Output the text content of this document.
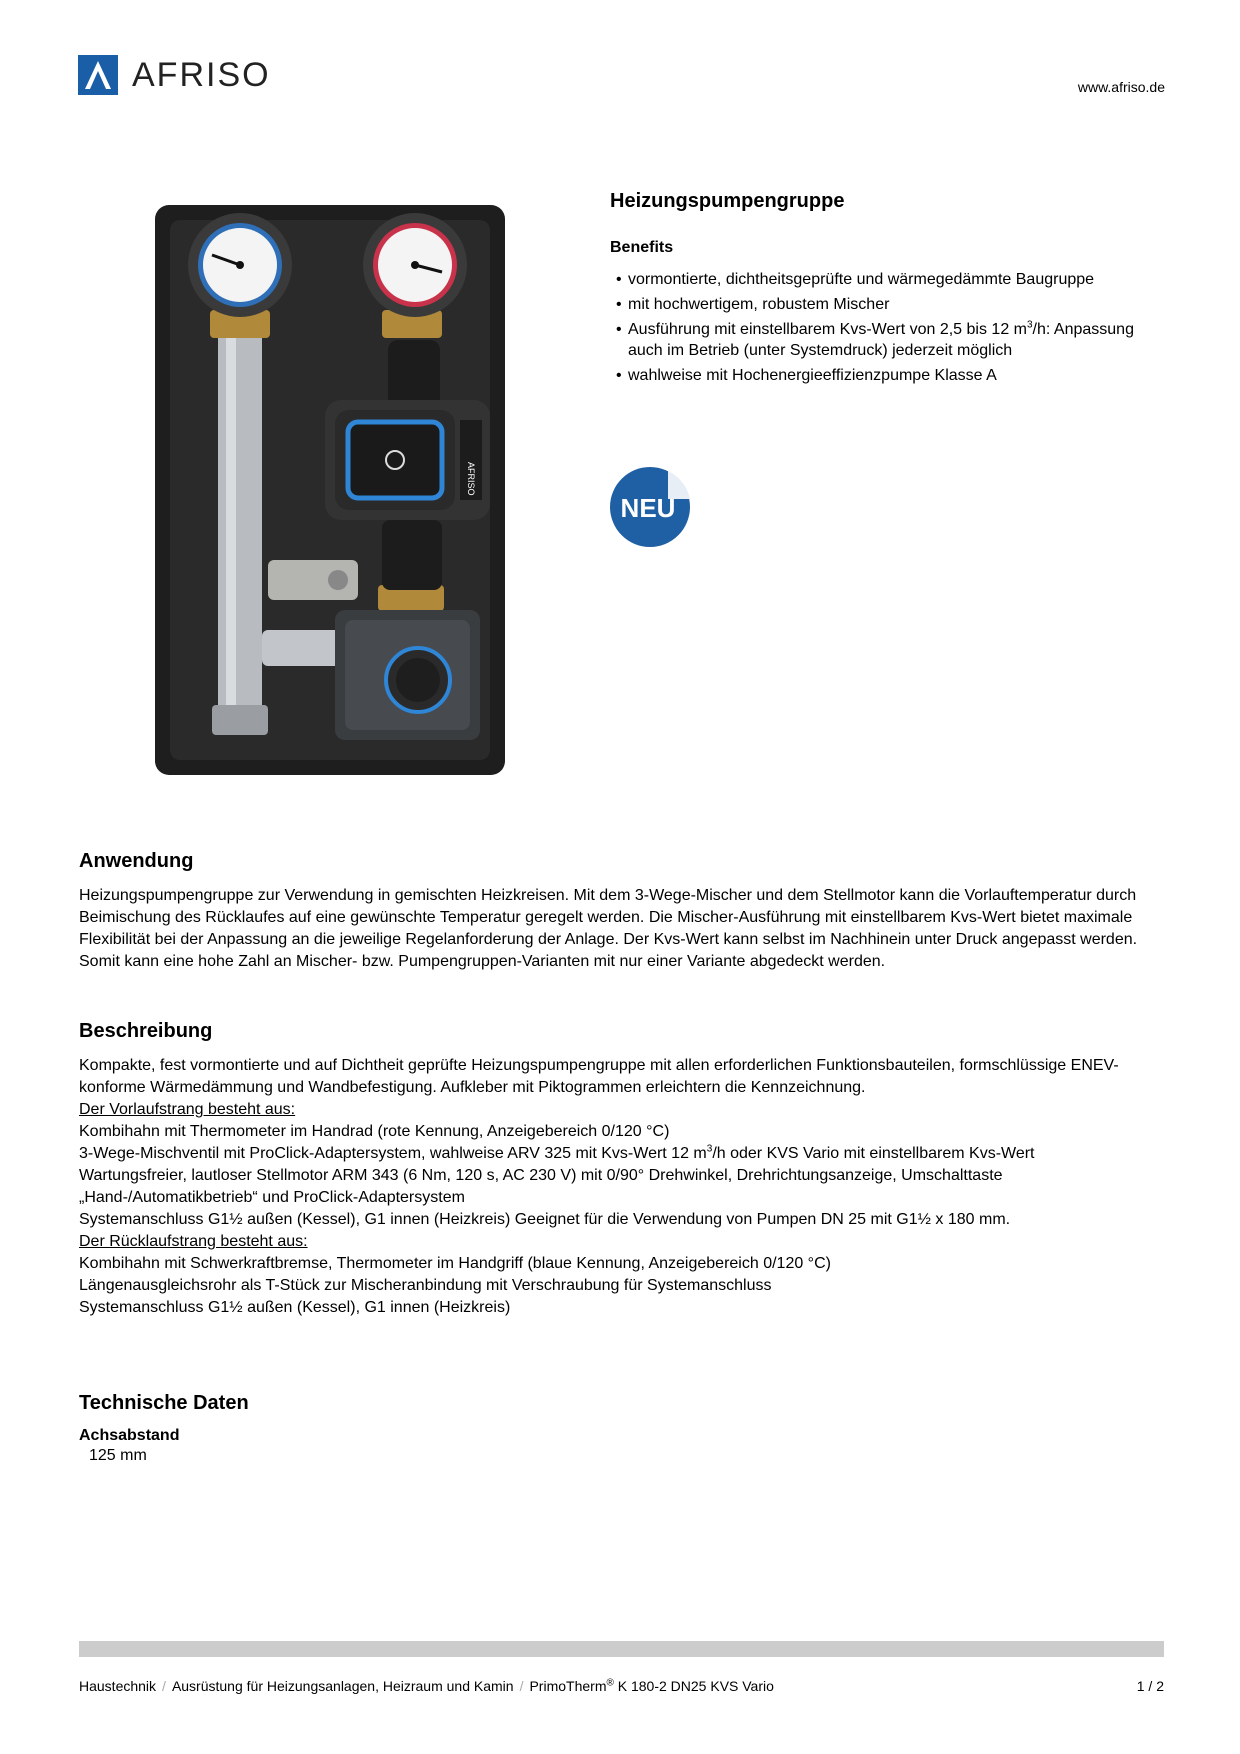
AFRISO	www.afriso.de
AFRISO
Heizungspumpengruppe
Benefits
• vormontierte, dichtheitsgeprüfte und wärmegedämmte Baugruppe
• mit hochwertigem, robustem Mischer
• Ausführung mit einstellbarem Kvs-Wert von 2,5 bis 12 $m^3/h$: Anpassung auch im Betrieb (unter Systemdruck) jederzeit möglich
• wahlweise mit Hochenergieeffizienzpumpe Klasse A
NEU
Anwendung

Heizungspumpengruppe zur Verwendung in gemischten Heizkreisen. Mit dem 3-Wege-Mischer und dem Stellmotor kann die Vorlauftemperatur durch Beimischung des Rücklaufes auf eine gewünschte Temperatur geregelt werden. Die Mischer-Ausführung mit einstellbarem Kvs-Wert bietet maximale Flexibilität bei der Anpassung an die jeweilige Regelanforderung der Anlage. Der Kvs-Wert kann selbst im Nachhinein unter Druck angepasst werden. Somit kann eine hohe Zahl an Mischer- bzw. Pumpengruppen-Varianten mit nur einer Variante abgedeckt werden.

Beschreibung

Kompakte, fest vormontierte und auf Dichtheit geprüfte Heizungspumpengruppe mit allen erforderlichen Funktionsbauteilen, formschlüssige ENEV-konforme Wärmedämmung und Wandbefestigung. Aufkleber mit Piktogrammen erleichtern die Kennzeichnung.

Der Vorlaufstrang besteht aus:
Kombihahn mit Thermometer im Handrad (rote Kennung, Anzeigebereich 0/120 °C)
3-Wege-Mischventil mit ProClick-Adaptersystem, wahlweise ARV 325 mit Kvs-Wert 12 $m^3/h$ oder KVS Vario mit einstellbarem Kvs-Wert
Wartungsfreier, lautloser Stellmotor ARM 343 (6 Nm, 120 s, AC 230 V) mit 0/90° Drehwinkel, Drehrichtungsanzeige, Umschalttaste „Hand-/Automatikbetrieb“ und ProClick-Adaptersystem
Systemanschluss G1½ außen (Kessel), G1 innen (Heizkreis) Geeignet für die Verwendung von Pumpen DN 25 mit G1½ x 180 mm.
Der Rücklaufstrang besteht aus:
Kombihahn mit Schwerkraftbremse, Thermometer im Handgriff (blaue Kennung, Anzeigebereich 0/120 °C)
Längenausgleichsrohr als T-Stück zur Mischeranbindung mit Verschraubung für Systemanschluss
Systemanschluss G1½ außen (Kessel), G1 innen (Heizkreis)
Technische Daten
Achsabstand
125 mm
Haustechnik / Ausrüstung für Heizungsanlagen, Heizraum und Kamin / PrimoTherm® K 180-2 DN25 KVS Vario	1 / 2
